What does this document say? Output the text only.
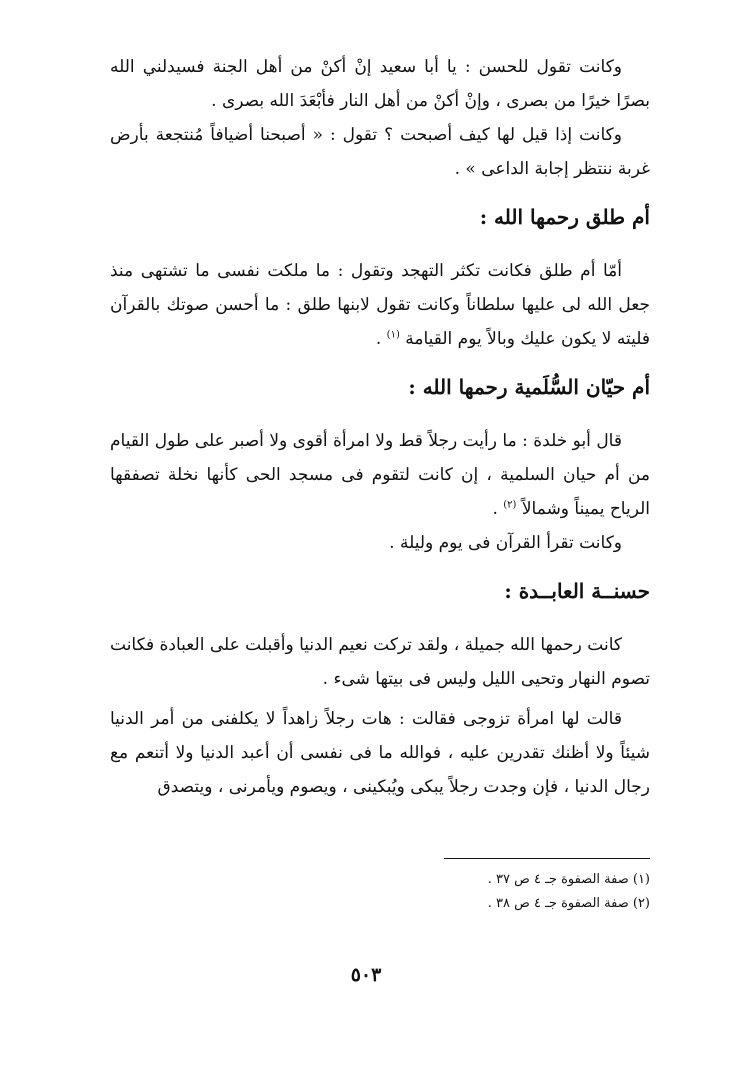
وكانت تقول للحسن : يا أبا سعيد إنْ أكنْ من أهل الجنة فسيدلني الله بصرًا خيرًا من بصرى ، وإنْ أكنْ من أهل النار فأبْعَدَ الله بصرى .

وكانت إذا قيل لها كيف أصبحت ؟ تقول : « أصبحنا أضيافاً مُنتجعة بأرض غربة ننتظر إجابة الداعى » .

أم طلق رحمها الله :

أمّا أم طلق فكانت تكثر التهجد وتقول : ما ملكت نفسى ما تشتهى منذ جعل الله لى عليها سلطاناً وكانت تقول لابنها طلق : ما أحسن صوتك بالقرآن فليته لا يكون عليك وبالاً يوم القيامة $^{(١)}$ .

أم حيّان السُّلَمية رحمها الله :

قال أبو خلدة : ما رأيت رجلاً قط ولا امرأة أقوى ولا أصبر على طول القيام من أم حيان السلمية ، إن كانت لتقوم فى مسجد الحى كأنها نخلة تصفقها الرياح يميناً وشمالاً $^{(٢)}$ .

وكانت تقرأ القرآن فى يوم وليلة .

حسنــة العابــدة :

كانت رحمها الله جميلة ، ولقد تركت نعيم الدنيا وأقبلت على العبادة فكانت تصوم النهار وتحيى الليل وليس فى بيتها شىء .

قالت لها امرأة تزوجى فقالت : هات رجلاً زاهداً لا يكلفنى من أمر الدنيا شيئاً ولا أظنك تقدرين عليه ، فوالله ما فى نفسى أن أعبد الدنيا ولا أتنعم مع رجال الدنيا ، فإن وجدت رجلاً يبكى ويُبكينى ، ويصوم ويأمرنى ، ويتصدق

(١) صفة الصفوة جـ ٤ ص ٣٧ .
(٢) صفة الصفوة جـ ٤ ص ٣٨ .
٥٠٣
